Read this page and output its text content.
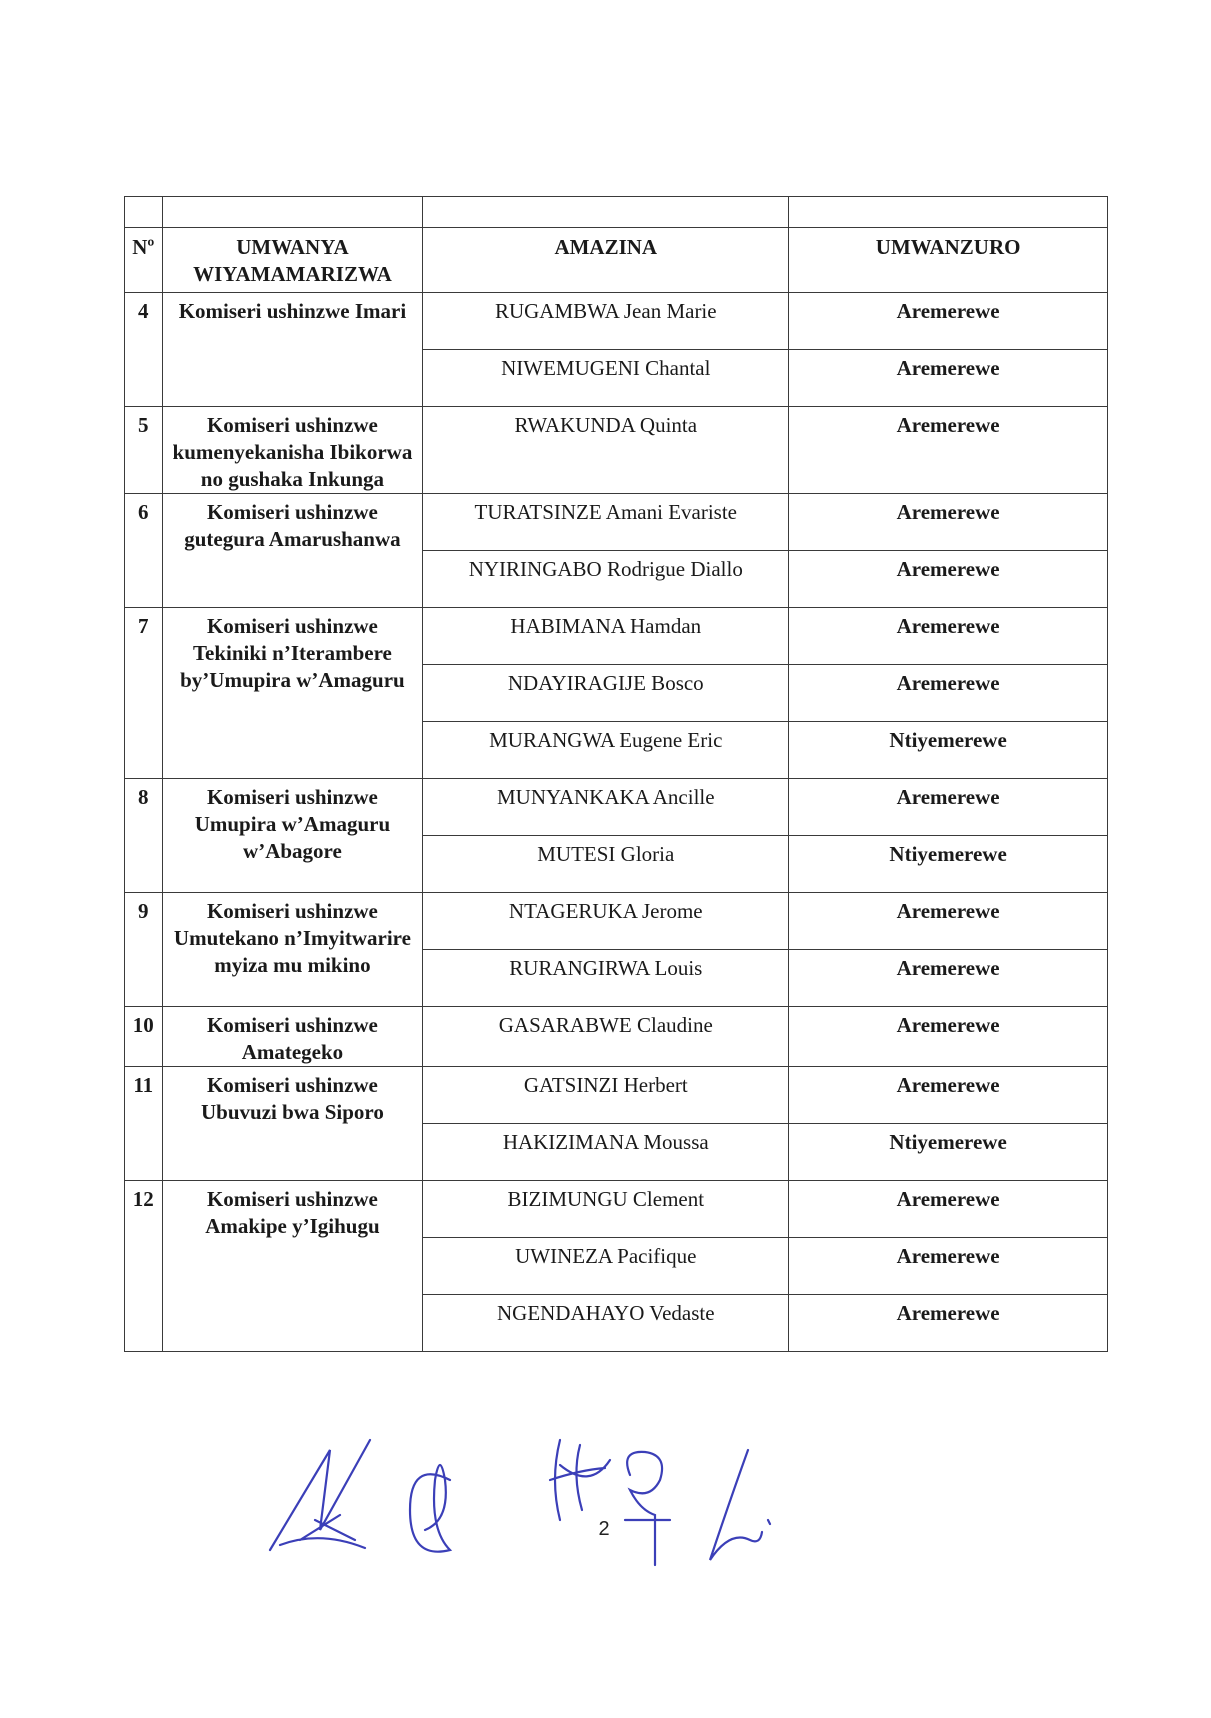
Nº	UMWANYA WIYAMAMARIZWA	AMAZINA	UMWANZURO
4	Komiseri ushinzwe Imari	RUGAMBWA Jean Marie	Aremerewe
		NIWEMUGENI Chantal	Aremerewe
5	Komiseri ushinzwe kumenyekanisha Ibikorwa no gushaka Inkunga	RWAKUNDA Quinta	Aremerewe
6	Komiseri ushinzwe gutegura Amarushanwa	TURATSINZE Amani Evariste	Aremerewe
		NYIRINGABO Rodrigue Diallo	Aremerewe
7	Komiseri ushinzwe Tekiniki n’Iterambere by’Umupira w’Amaguru	HABIMANA Hamdan	Aremerewe
		NDAYIRAGIJE Bosco	Aremerewe
		MURANGWA Eugene Eric	Ntiyemerewe
8	Komiseri ushinzwe Umupira w’Amaguru w’Abagore	MUNYANKAKA Ancille	Aremerewe
		MUTESI Gloria	Ntiyemerewe
9	Komiseri ushinzwe Umutekano n’Imyitwarire myiza mu mikino	NTAGERUKA Jerome	Aremerewe
		RURANGIRWA Louis	Aremerewe
10	Komiseri ushinzwe Amategeko	GASARABWE Claudine	Aremerewe
11	Komiseri ushinzwe Ubuvuzi bwa Siporo	GATSINZI Herbert	Aremerewe
		HAKIZIMANA Moussa	Ntiyemerewe
12	Komiseri ushinzwe Amakipe y’Igihugu	BIZIMUNGU Clement	Aremerewe
		UWINEZA Pacifique	Aremerewe
		NGENDAHAYO Vedaste	Aremerewe
2
